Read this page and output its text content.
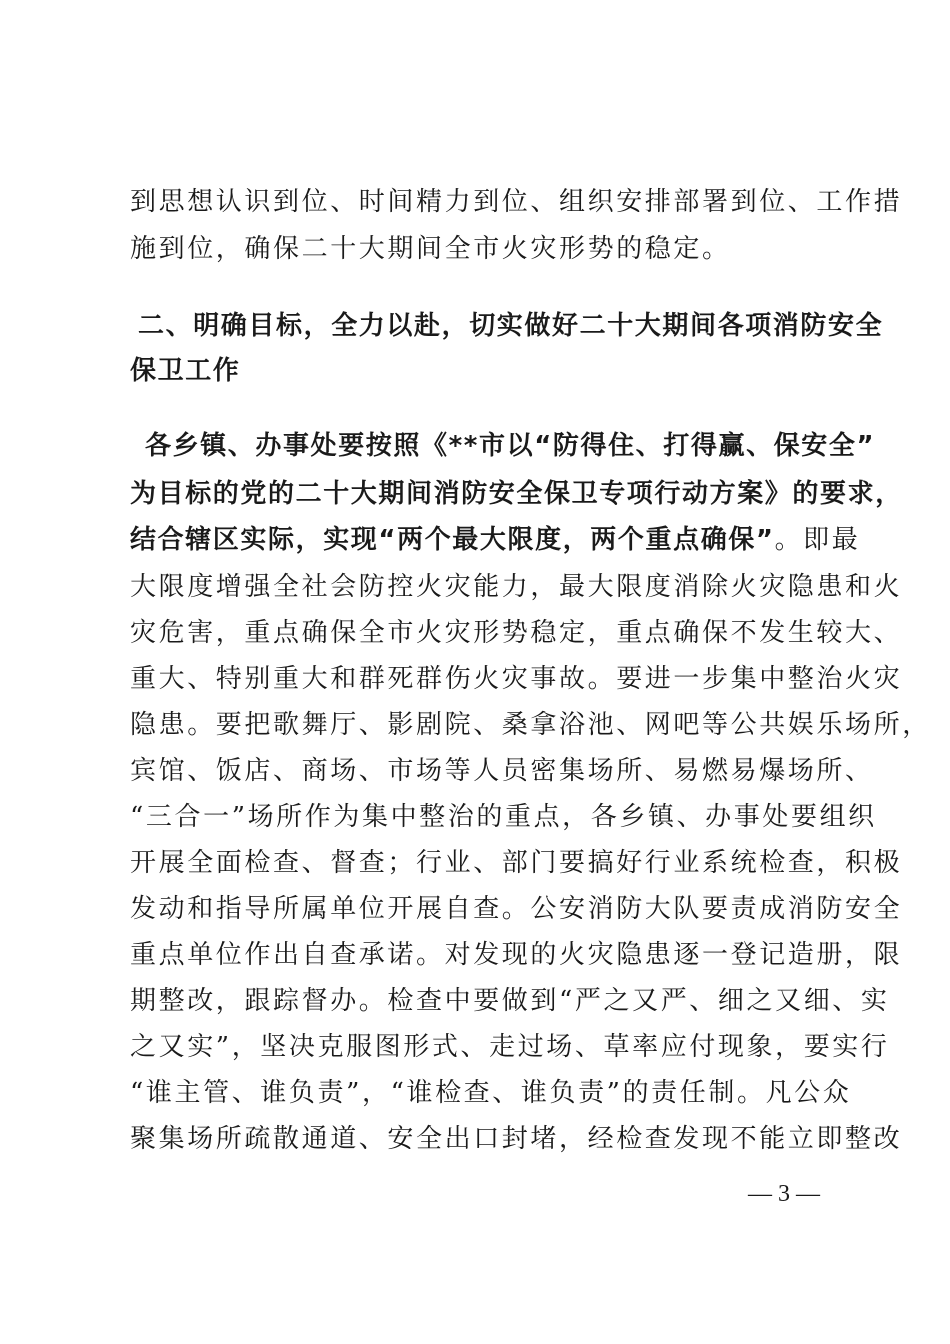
到思想认识到位、时间精力到位、组织安排部署到位、工作措
施到位，确保二十大期间全市火灾形势的稳定。
二、明确目标，全力以赴，切实做好二十大期间各项消防安全
保卫工作
各乡镇、办事处要按照《**市以“防得住、打得赢、保安全”
为目标的党的二十大期间消防安全保卫专项行动方案》的要求，
结合辖区实际，实现“两个最大限度，两个重点确保”。即最
大限度增强全社会防控火灾能力，最大限度消除火灾隐患和火
灾危害，重点确保全市火灾形势稳定，重点确保不发生较大、
重大、特别重大和群死群伤火灾事故。要进一步集中整治火灾
隐患。要把歌舞厅、影剧院、桑拿浴池、网吧等公共娱乐场所，
宾馆、饭店、商场、市场等人员密集场所、易燃易爆场所、
“三合一”场所作为集中整治的重点，各乡镇、办事处要组织
开展全面检查、督查；行业、部门要搞好行业系统检查，积极
发动和指导所属单位开展自查。公安消防大队要责成消防安全
重点单位作出自查承诺。对发现的火灾隐患逐一登记造册，限
期整改，跟踪督办。检查中要做到“严之又严、细之又细、实
之又实”，坚决克服图形式、走过场、草率应付现象，要实行
“谁主管、谁负责”，“谁检查、谁负责”的责任制。凡公众
聚集场所疏散通道、安全出口封堵，经检查发现不能立即整改
— 3 —
